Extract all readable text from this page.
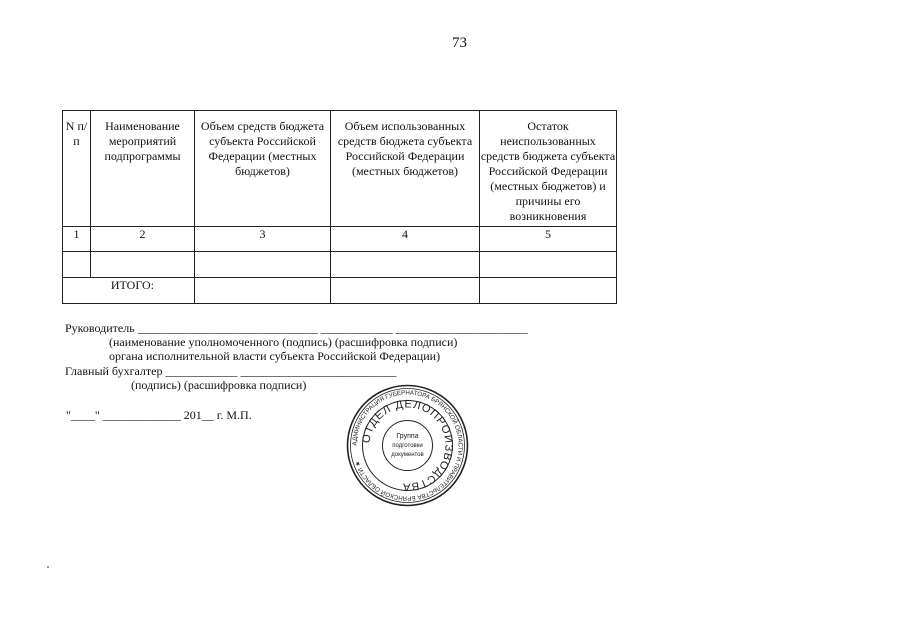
73
N п/п	Наименование мероприятий подпрограммы	Объем средств бюджета субъекта Российской Федерации (местных бюджетов)	Объем использованных средств бюджета субъекта Российской Федерации (местных бюджетов)	Остаток неиспользованных средств бюджета субъекта Российской Федерации (местных бюджетов) и причины его возникновения
1	2	3	4	5

ИТОГО:				
Руководитель ______________________________ ____________ ______________________
(наименование уполномоченного (подпись) (расшифровка подписи)
органа исполнительной власти субъекта Российской Федерации)
Главный бухгалтер ____________ __________________________
(подпись) (расшифровка подписи)
"____" _____________ 201__ г. М.П.
АДМИНИСТРАЦИЯ ГУБЕРНАТОРА БРЯНСКОЙ ОБЛАСТИ И ПРАВИТЕЛЬСТВА БРЯНСКОЙ ОБЛАСТИ ★
ОТДЕЛ ДЕЛОПРОИЗВОДСТВА
Группа
подготовки
документов
